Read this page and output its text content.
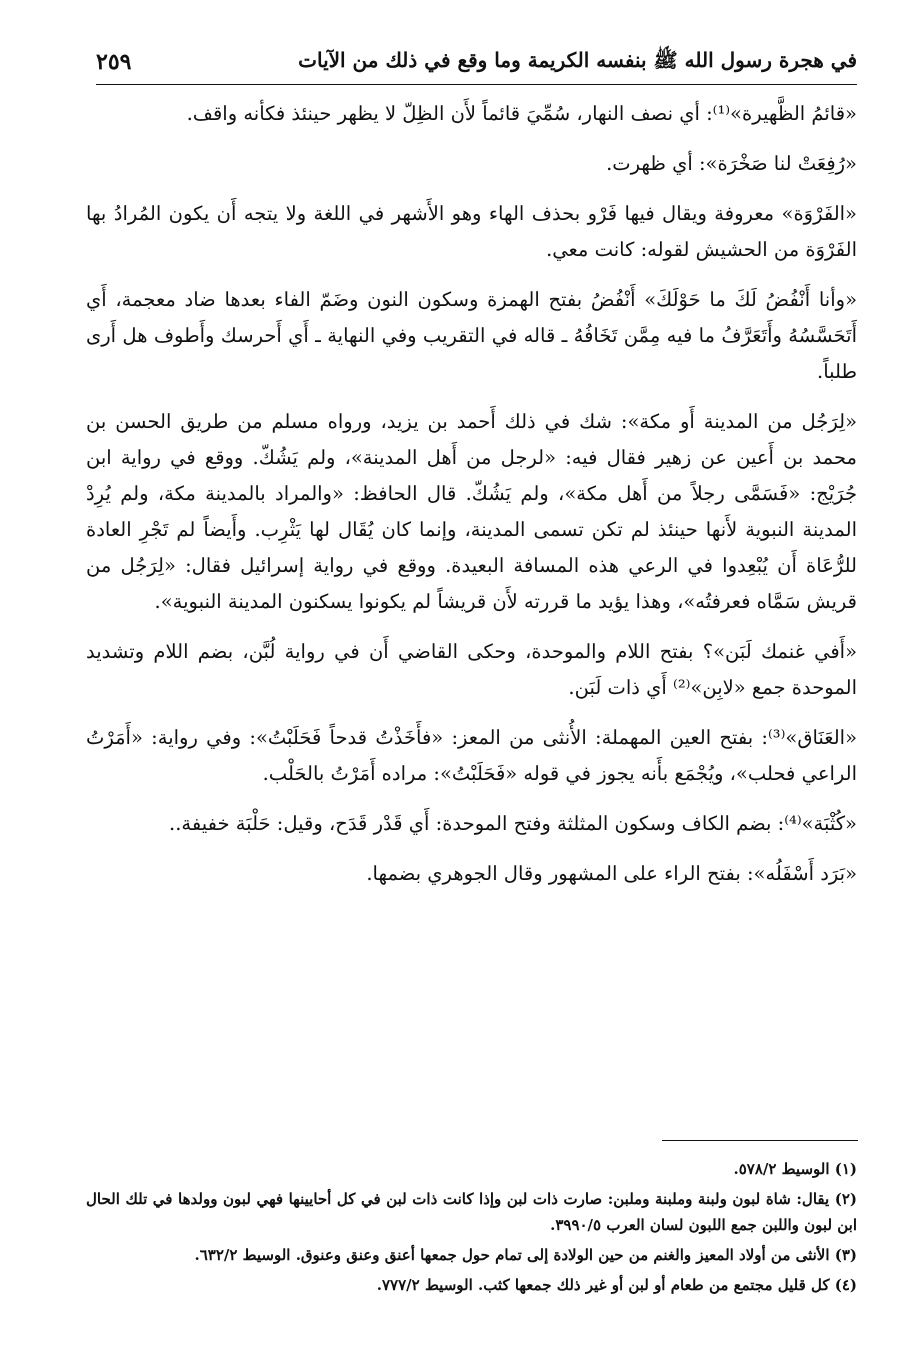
في هجرة رسول الله ﷺ بنفسه الكريمة وما وقع في ذلك من الآيات
٢٥٩

«قائمُ الظَّهيرة»⁽¹⁾: أي نصف النهار، سُمِّيَ قائماً لأَن الظِلّ لا يظهر حينئذ فكأنه واقف.

«رُفِعَتْ لنا صَخْرَة»: أي ظهرت.

«الفَرْوَة» معروفة ويقال فيها فَرْو بحذف الهاء وهو الأَشهر في اللغة ولا يتجه أَن يكون المُرادُ بها الفَرْوَة من الحشيش لقوله: كانت معي.

«وأنا أَنْفُضُ لَكَ ما حَوْلَكَ» أَنْفُضُ بفتح الهمزة وسكون النون وضَمّ الفاء بعدها ضاد معجمة، أَي أَتَحَسَّسُهُ وأَتَعَرَّفُ ما فيه مِمَّن تَخَافُهُ ـ قاله في التقريب وفي النهاية ـ أَي أَحرسك وأَطوف هل أَرى طلباً.

«لِرَجُل من المدينة أَو مكة»: شك في ذلك أَحمد بن يزيد، ورواه مسلم من طريق الحسن بن محمد بن أَعين عن زهير فقال فيه: «لرجل من أَهل المدينة»، ولم يَشُكّ. ووقع في رواية ابن جُرَيْج: «فَسَمَّى رجلاً من أَهل مكة»، ولم يَشُكّ. قال الحافظ: «والمراد بالمدينة مكة، ولم يُرِدْ المدينة النبوية لأَنها حينئذ لم تكن تسمى المدينة، وإنما كان يُقَال لها يَثْرِب. وأَيضاً لم تَجْرِ العادة للرُّعَاة أَن يُبْعِدوا في الرعي هذه المسافة البعيدة. ووقع في رواية إسرائيل فقال: «لِرَجُل من قريش سَمَّاه فعرفتُه»، وهذا يؤيد ما قررته لأَن قريشاً لم يكونوا يسكنون المدينة النبوية».

«أَفي غنمك لَبَن»؟ بفتح اللام والموحدة، وحكى القاضي أَن في رواية لُبَّن، بضم اللام وتشديد الموحدة جمع «لابِن»⁽²⁾ أَي ذات لَبَن.

«العَنَاق»⁽³⁾: بفتح العين المهملة: الأُنثى من المعز: «فأَخَذْتُ قدحاً فَحَلَبْتُ»: وفي رواية: «أَمَرْتُ الراعي فحلب»، ويُجْمَع بأَنه يجوز في قوله «فَحَلَبْتُ»: مراده أَمَرْتُ بالحَلْب.

«كُثْبَة»⁽⁴⁾: بضم الكاف وسكون المثلثة وفتح الموحدة: أَي قَدْر قَدَح، وقيل: حَلْبَة خفيفة..

«بَرَد أَسْفَلُه»: بفتح الراء على المشهور وقال الجوهري بضمها.

(١) الوسيط ٥٧٨/٢.

(٢) يقال: شاة لبون ولبنة وملبنة وملبن: صارت ذات لبن وإذا كانت ذات لبن في كل أحايينها فهي لبون وولدها في تلك الحال ابن لبون واللبن جمع اللبون لسان العرب ٣٩٩٠/٥.

(٣) الأنثى من أولاد المعيز والغنم من حين الولادة إلى تمام حول جمعها أعنق وعنق وعنوق. الوسيط ٦٣٢/٢.

(٤) كل قليل مجتمع من طعام أو لبن أو غير ذلك جمعها كثب. الوسيط ٧٧٧/٢.
